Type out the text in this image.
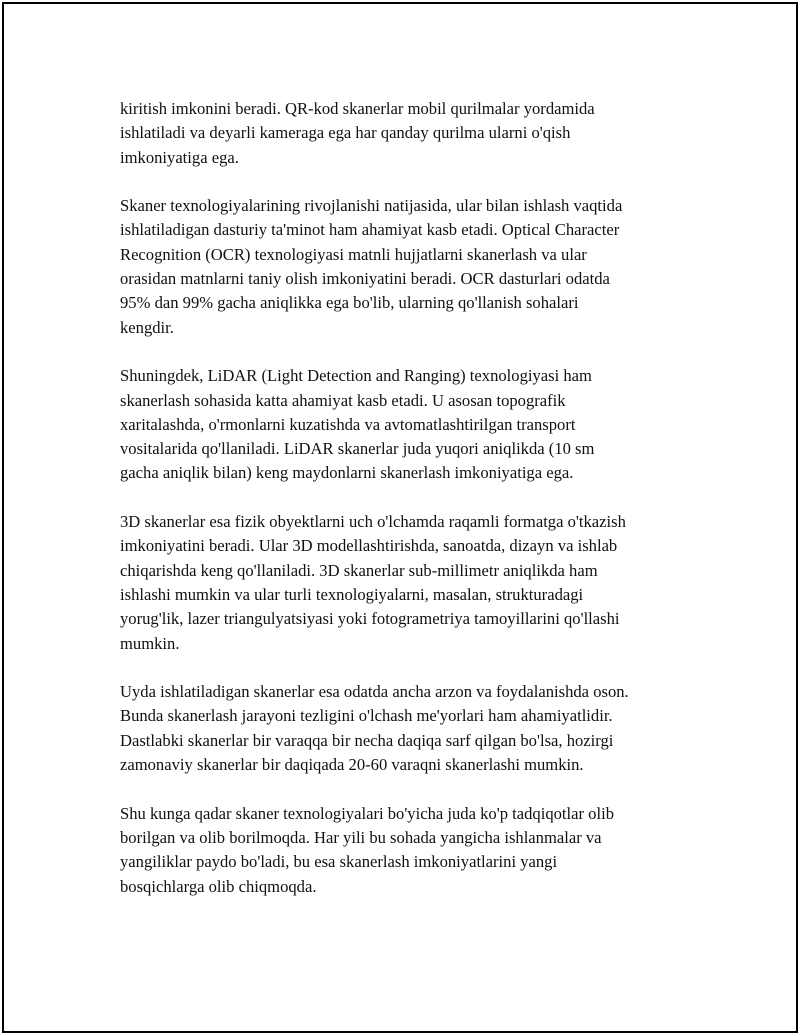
kiritish imkonini beradi. QR-kod skanerlar mobil qurilmalar yordamida
ishlatiladi va deyarli kameraga ega har qanday qurilma ularni o'qish
imkoniyatiga ega.

Skaner texnologiyalarining rivojlanishi natijasida, ular bilan ishlash vaqtida
ishlatiladigan dasturiy ta'minot ham ahamiyat kasb etadi. Optical Character
Recognition (OCR) texnologiyasi matnli hujjatlarni skanerlash va ular
orasidan matnlarni taniy olish imkoniyatini beradi. OCR dasturlari odatda
95% dan 99% gacha aniqlikka ega bo'lib, ularning qo'llanish sohalari
kengdir.

Shuningdek, LiDAR (Light Detection and Ranging) texnologiyasi ham
skanerlash sohasida katta ahamiyat kasb etadi. U asosan topografik
xaritalashda, o'rmonlarni kuzatishda va avtomatlashtirilgan transport
vositalarida qo'llaniladi. LiDAR skanerlar juda yuqori aniqlikda (10 sm
gacha aniqlik bilan) keng maydonlarni skanerlash imkoniyatiga ega.

3D skanerlar esa fizik obyektlarni uch o'lchamda raqamli formatga o'tkazish
imkoniyatini beradi. Ular 3D modellashtirishda, sanoatda, dizayn va ishlab
chiqarishda keng qo'llaniladi. 3D skanerlar sub-millimetr aniqlikda ham
ishlashi mumkin va ular turli texnologiyalarni, masalan, strukturadagi
yorug'lik, lazer triangulyatsiyasi yoki fotogrametriya tamoyillarini qo'llashi
mumkin.

Uyda ishlatiladigan skanerlar esa odatda ancha arzon va foydalanishda oson.
Bunda skanerlash jarayoni tezligini o'lchash me'yorlari ham ahamiyatlidir.
Dastlabki skanerlar bir varaqqa bir necha daqiqa sarf qilgan bo'lsa, hozirgi
zamonaviy skanerlar bir daqiqada 20-60 varaqni skanerlashi mumkin.

Shu kunga qadar skaner texnologiyalari bo'yicha juda ko'p tadqiqotlar olib
borilgan va olib borilmoqda. Har yili bu sohada yangicha ishlanmalar va
yangiliklar paydo bo'ladi, bu esa skanerlash imkoniyatlarini yangi
bosqichlarga olib chiqmoqda.
